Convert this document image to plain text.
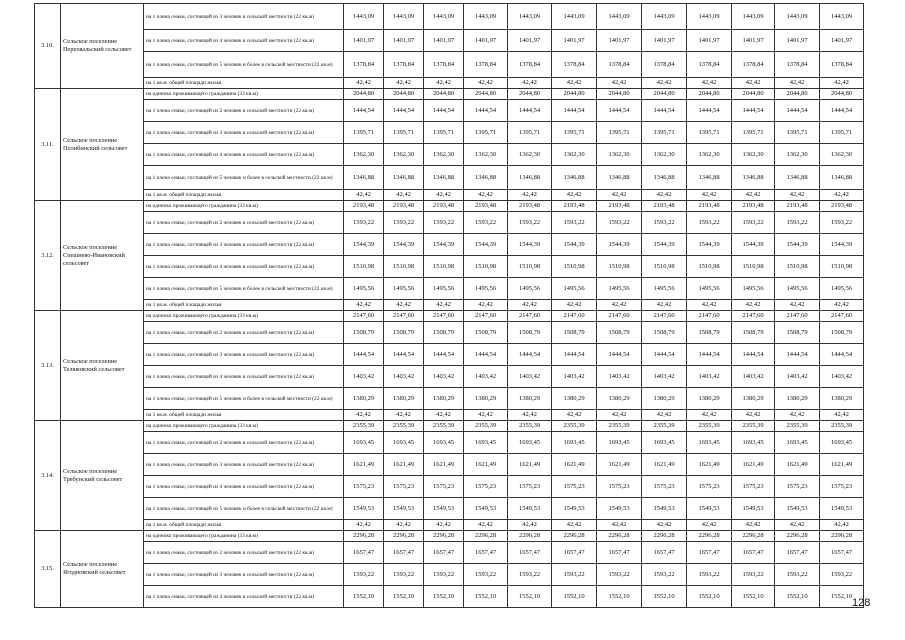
3.10.	Сельское поселение Перехвальский сельсовет	на 1 члена семьи, состоящей из 3 человек в сельской местности (22 кв.м)	1443,09	1443,09	1443,09	1443,09	1443,09	1443,09	1443,09	1443,09	1443,09	1443,09	1443,09	1443,09
		на 1 члена семьи, состоящей из 4 человек в сельской местности (22 кв.м)	1401,97	1401,97	1401,97	1401,97	1401,97	1401,97	1401,97	1401,97	1401,97	1401,97	1401,97	1401,97
		на 1 члена семьи, состоящей из 5 человек и более в сельской местности (22 кв.м)	1378,84	1378,84	1378,84	1378,84	1378,84	1378,84	1378,84	1378,84	1378,84	1378,84	1378,84	1378,84
		на 1 кв.м. общей площади жилья	42,42	42,42	42,42	42,42	42,42	42,42	42,42	42,42	42,42	42,42	42,42	42,42
3.11.	Сельское поселение Полибинский сельсовет	на одиноко проживающего гражданина (33 кв.м)	2044,80	2044,80	2044,80	2044,80	2044,80	2044,80	2044,80	2044,80	2044,80	2044,80	2044,80	2044,80
		на 1 члена семьи, состоящей из 2 человек в сельской местности (22 кв.м)	1444,54	1444,54	1444,54	1444,54	1444,54	1444,54	1444,54	1444,54	1444,54	1444,54	1444,54	1444,54
		на 1 члена семьи, состоящей из 3 человек в сельской местности (22 кв.м)	1395,71	1395,71	1395,71	1395,71	1395,71	1395,71	1395,71	1395,71	1395,71	1395,71	1395,71	1395,71
		на 1 члена семьи, состоящей из 4 человек в сельской местности (22 кв.м)	1362,30	1362,30	1362,30	1362,30	1362,30	1362,30	1362,30	1362,30	1362,30	1362,30	1362,30	1362,30
		на 1 члена семьи, состоящей из 5 человек и более в сельской местности (22 кв.м)	1346,88	1346,88	1346,88	1346,88	1346,88	1346,88	1346,88	1346,88	1346,88	1346,88	1346,88	1346,88
		на 1 кв.м. общей площади жилья	42,42	42,42	42,42	42,42	42,42	42,42	42,42	42,42	42,42	42,42	42,42	42,42
3.12.	Сельское поселение Спешнево-Ивановский сельсовет	на одиноко проживающего гражданина (33 кв.м)	2193,48	2193,48	2193,48	2193,48	2193,48	2193,48	2193,48	2193,48	2193,48	2193,48	2193,48	2193,48
		на 1 члена семьи, состоящей из 2 человек в сельской местности (22 кв.м)	1593,22	1593,22	1593,22	1593,22	1593,22	1593,22	1593,22	1593,22	1593,22	1593,22	1593,22	1593,22
		на 1 члена семьи, состоящей из 3 человек в сельской местности (22 кв.м)	1544,39	1544,39	1544,39	1544,39	1544,39	1544,39	1544,39	1544,39	1544,39	1544,39	1544,39	1544,39
		на 1 члена семьи, состоящей из 4 человек в сельской местности (22 кв.м)	1510,98	1510,98	1510,98	1510,98	1510,98	1510,98	1510,98	1510,98	1510,98	1510,98	1510,98	1510,98
		на 1 члена семьи, состоящей из 5 человек и более в сельской местности (22 кв.м)	1495,56	1495,56	1495,56	1495,56	1495,56	1495,56	1495,56	1495,56	1495,56	1495,56	1495,56	1495,56
		на 1 кв.м. общей площади жилья	42,42	42,42	42,42	42,42	42,42	42,42	42,42	42,42	42,42	42,42	42,42	42,42
3.13.	Сельское поселение Теляковский сельсовет	на одиноко проживающего гражданина (33 кв.м)	2147,60	2147,60	2147,60	2147,60	2147,60	2147,60	2147,60	2147,60	2147,60	2147,60	2147,60	2147,60
		на 1 члена семьи, состоящей из 2 человек в сельской местности (22 кв.м)	1508,79	1508,79	1508,79	1508,79	1508,79	1508,79	1508,79	1508,79	1508,79	1508,79	1508,79	1508,79
		на 1 члена семьи, состоящей из 3 человек в сельской местности (22 кв.м)	1444,54	1444,54	1444,54	1444,54	1444,54	1444,54	1444,54	1444,54	1444,54	1444,54	1444,54	1444,54
		на 1 члена семьи, состоящей из 4 человек в сельской местности (22 кв.м)	1403,42	1403,42	1403,42	1403,42	1403,42	1403,42	1403,42	1403,42	1403,42	1403,42	1403,42	1403,42
		на 1 члена семьи, состоящей из 5 человек и более в сельской местности (22 кв.м)	1380,29	1380,29	1380,29	1380,29	1380,29	1380,29	1380,29	1380,29	1380,29	1380,29	1380,29	1380,29
		на 1 кв.м. общей площади жилья	42,42	42,42	42,42	42,42	42,42	42,42	42,42	42,42	42,42	42,42	42,42	42,42
3.14.	Сельское поселение Требунский сельсовет	на одиноко проживающего гражданина (33 кв.м)	2355,39	2355,39	2355,39	2355,39	2355,39	2355,39	2355,39	2355,39	2355,39	2355,39	2355,39	2355,39
		на 1 члена семьи, состоящей из 2 человек в сельской местности (22 кв.м)	1693,45	1693,45	1693,45	1693,45	1693,45	1693,45	1693,45	1693,45	1693,45	1693,45	1693,45	1693,45
		на 1 члена семьи, состоящей из 3 человек в сельской местности (22 кв.м)	1621,49	1621,49	1621,49	1621,49	1621,49	1621,49	1621,49	1621,49	1621,49	1621,49	1621,49	1621,49
		на 1 члена семьи, состоящей из 4 человек в сельской местности (22 кв.м)	1575,23	1575,23	1575,23	1575,23	1575,23	1575,23	1575,23	1575,23	1575,23	1575,23	1575,23	1575,23
		на 1 члена семьи, состоящей из 5 человек и более в сельской местности (22 кв.м)	1549,53	1549,53	1549,53	1549,53	1549,53	1549,53	1549,53	1549,53	1549,53	1549,53	1549,53	1549,53
		на 1 кв.м. общей площади жилья	42,42	42,42	42,42	42,42	42,42	42,42	42,42	42,42	42,42	42,42	42,42	42,42
3.15.	Сельское поселение Ягодновский сельсовет	на одиноко проживающего гражданина (33 кв.м)	2296,28	2296,28	2296,28	2296,28	2296,28	2296,28	2296,28	2296,28	2296,28	2296,28	2296,28	2296,28
		на 1 члена семьи, состоящей из 2 человек в сельской местности (22 кв.м)	1657,47	1657,47	1657,47	1657,47	1657,47	1657,47	1657,47	1657,47	1657,47	1657,47	1657,47	1657,47
		на 1 члена семьи, состоящей из 3 человек в сельской местности (22 кв.м)	1593,22	1593,22	1593,22	1593,22	1593,22	1593,22	1593,22	1593,22	1593,22	1593,22	1593,22	1593,22
		на 1 члена семьи, состоящей из 4 человек в сельской местности (22 кв.м)	1552,10	1552,10	1552,10	1552,10	1552,10	1552,10	1552,10	1552,10	1552,10	1552,10	1552,10	1552,10
128
